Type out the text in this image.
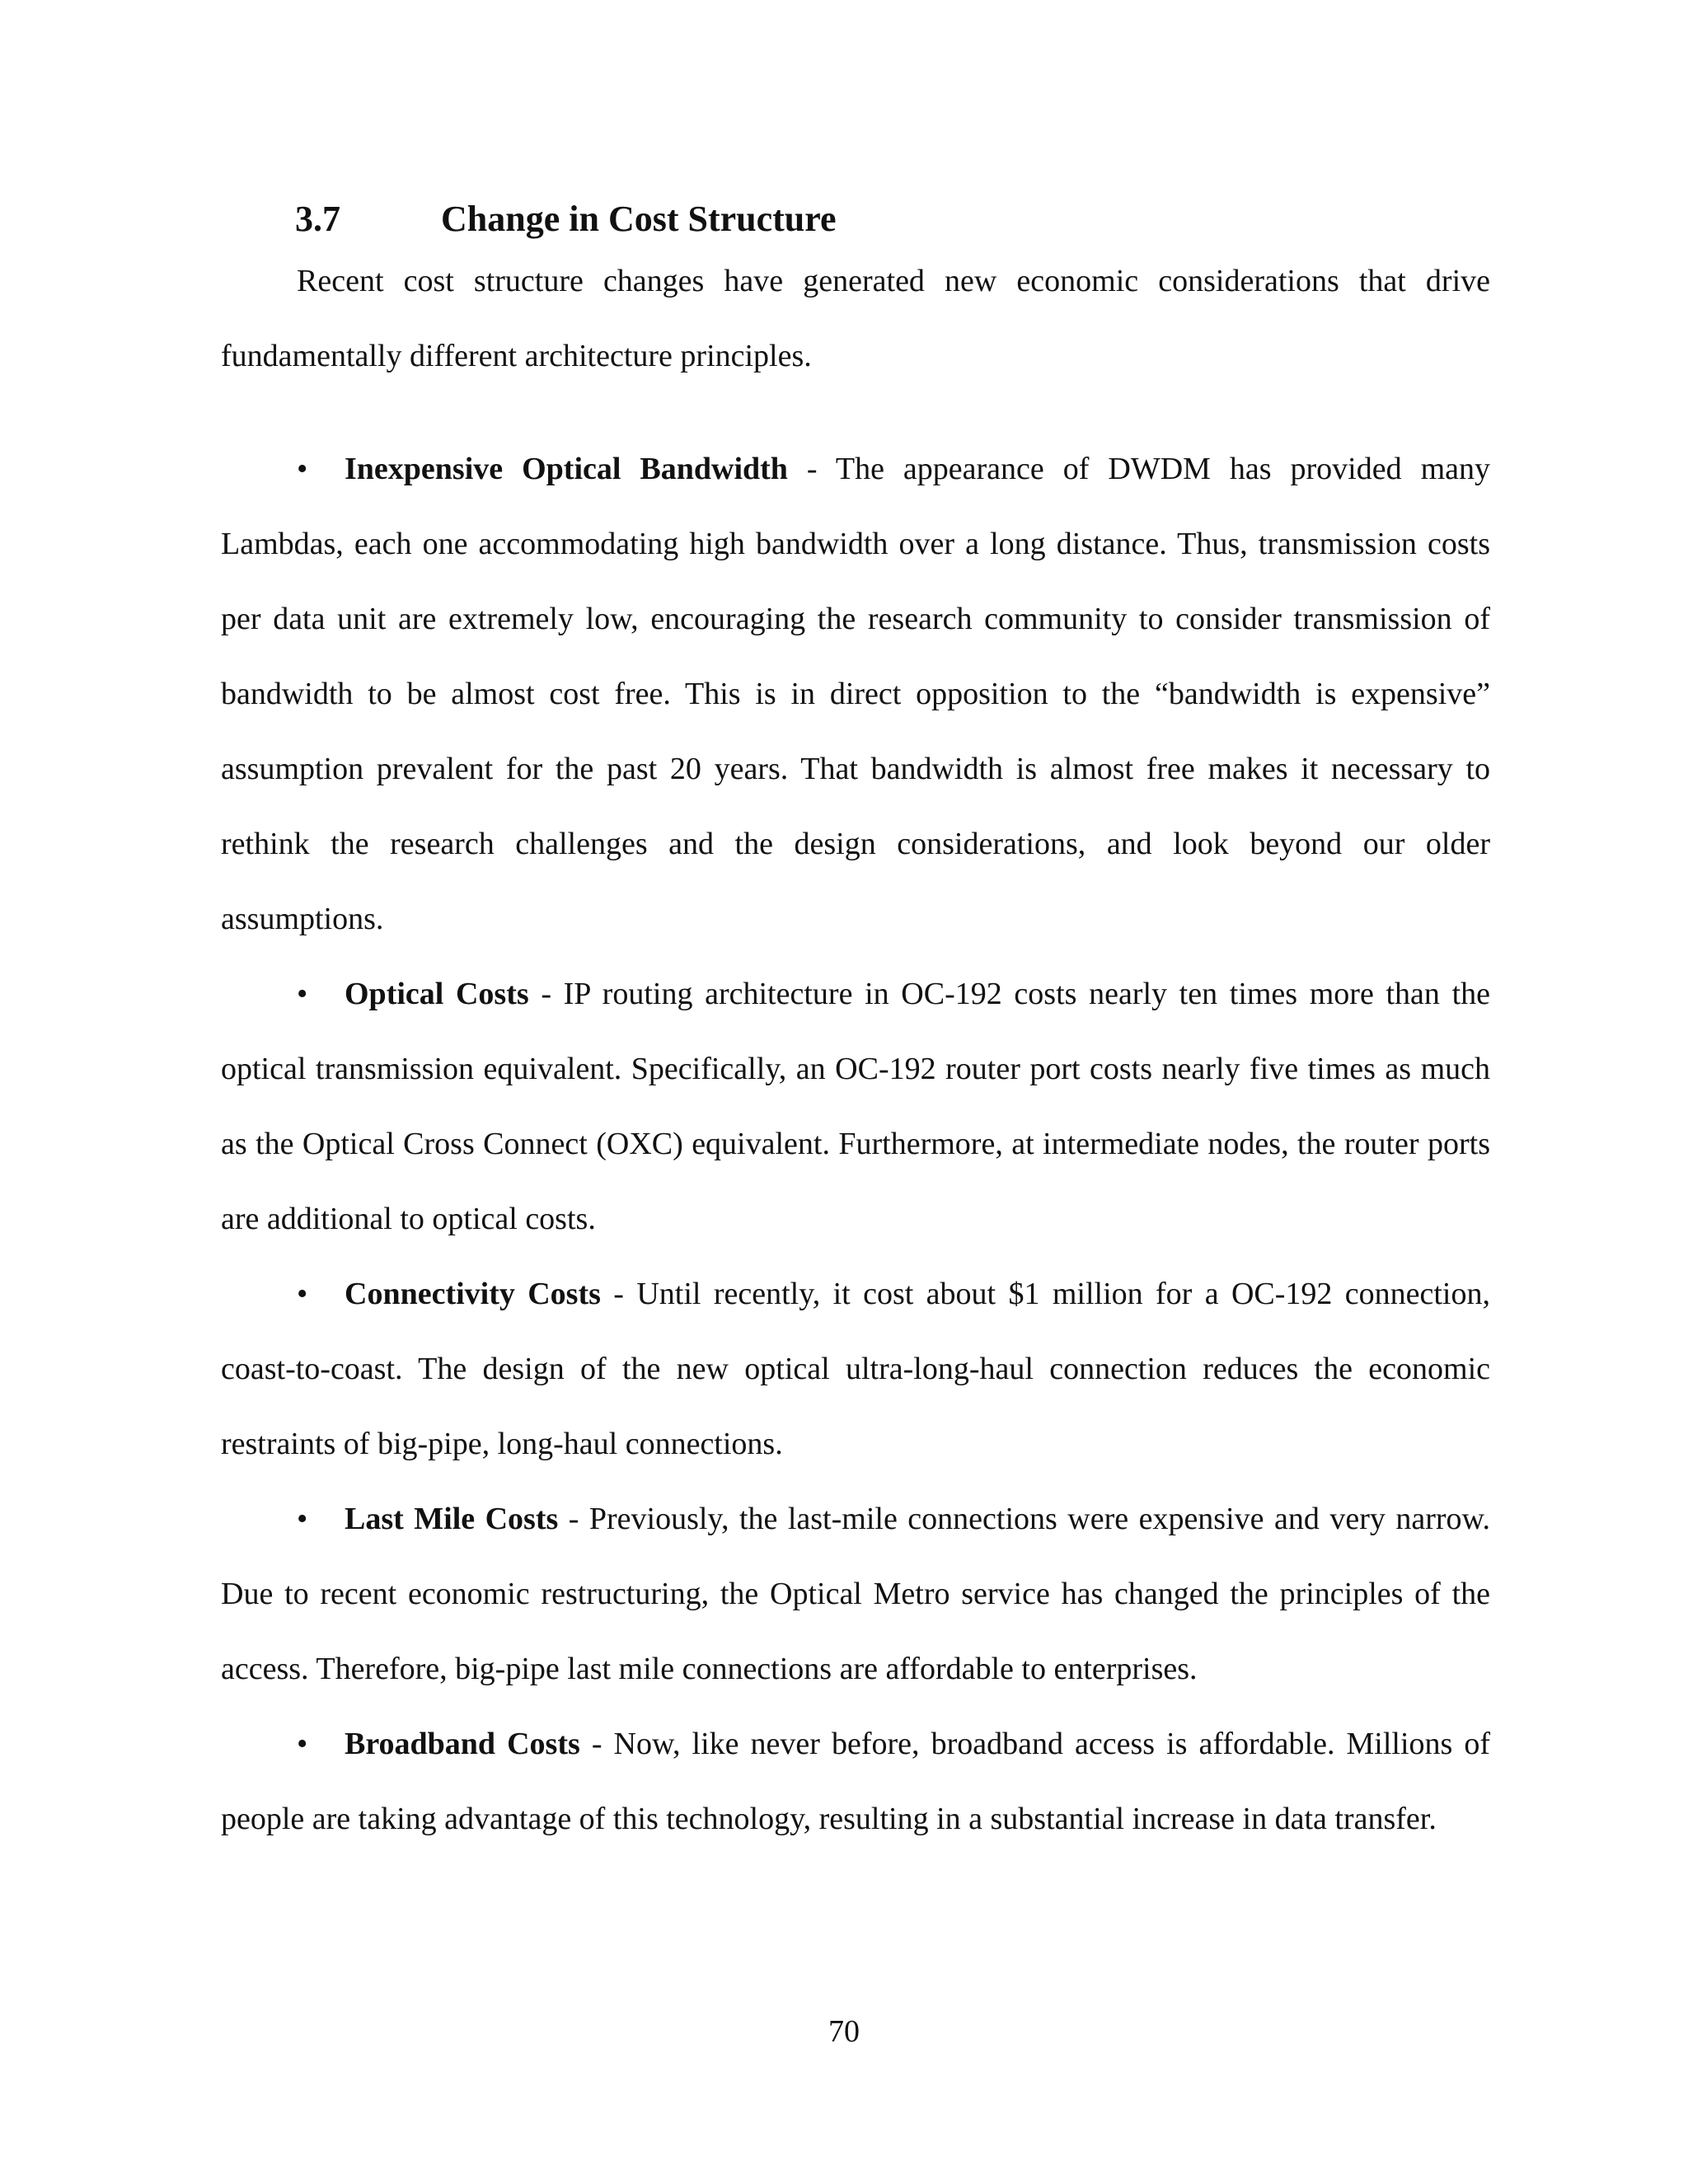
3.7	Change in Cost Structure

Recent cost structure changes have generated new economic considerations that drive fundamentally different architecture principles.

• Inexpensive Optical Bandwidth - The appearance of DWDM has provided many Lambdas, each one accommodating high bandwidth over a long distance. Thus, transmission costs per data unit are extremely low, encouraging the research community to consider transmission of bandwidth to be almost cost free. This is in direct opposition to the “bandwidth is expensive” assumption prevalent for the past 20 years. That bandwidth is almost free makes it necessary to rethink the research challenges and the design considerations, and look beyond our older assumptions.

• Optical Costs - IP routing architecture in OC-192 costs nearly ten times more than the optical transmission equivalent. Specifically, an OC-192 router port costs nearly five times as much as the Optical Cross Connect (OXC) equivalent. Furthermore, at intermediate nodes, the router ports are additional to optical costs.

• Connectivity Costs - Until recently, it cost about $1 million for a OC-192 connection, coast-to-coast. The design of the new optical ultra-long-haul connection reduces the economic restraints of big-pipe, long-haul connections.

• Last Mile Costs - Previously, the last-mile connections were expensive and very narrow. Due to recent economic restructuring, the Optical Metro service has changed the principles of the access. Therefore, big-pipe last mile connections are affordable to enterprises.

• Broadband Costs - Now, like never before, broadband access is affordable. Millions of people are taking advantage of this technology, resulting in a substantial increase in data transfer.

70
